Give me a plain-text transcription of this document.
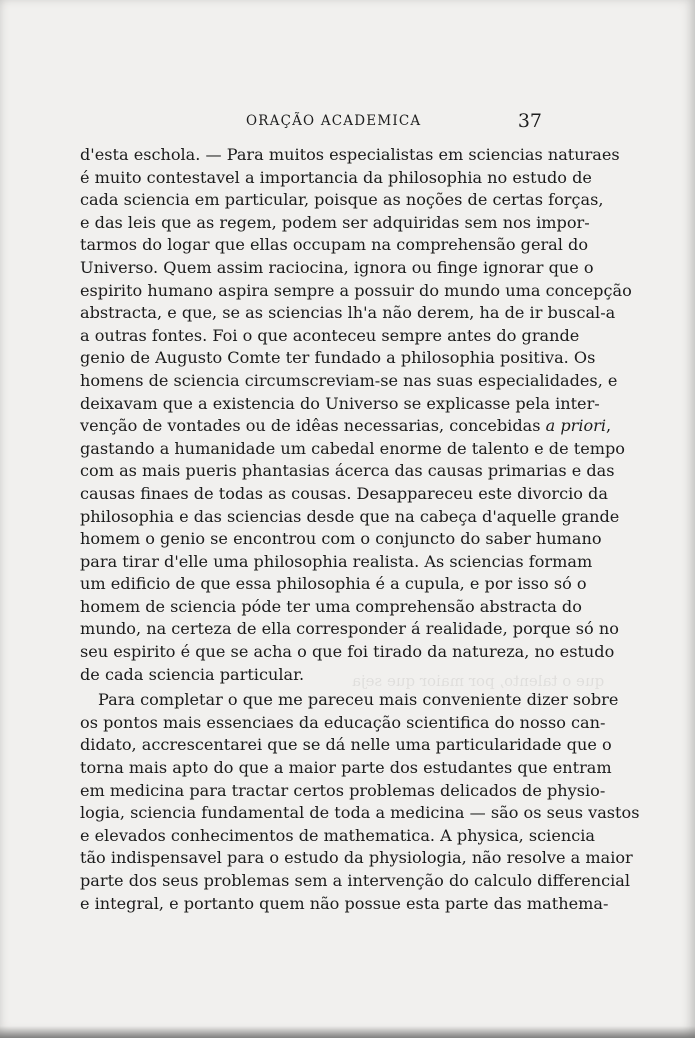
ORAÇÃO ACADEMICA	37
que o talento, por maior que seja
d'esta eschola. — Para muitos especialistas em sciencias naturaes
é muito contestavel a importancia da philosophia no estudo de
cada sciencia em particular, poisque as noções de certas forças,
e das leis que as regem, podem ser adquiridas sem nos impor-
tarmos do logar que ellas occupam na comprehensão geral do
Universo. Quem assim raciocina, ignora ou finge ignorar que o
espirito humano aspira sempre a possuir do mundo uma concepção
abstracta, e que, se as sciencias lh'a não derem, ha de ir buscal-a
a outras fontes. Foi o que aconteceu sempre antes do grande
genio de Augusto Comte ter fundado a philosophia positiva. Os
homens de sciencia circumscreviam-se nas suas especialidades, e
deixavam que a existencia do Universo se explicasse pela inter-
venção de vontades ou de idêas necessarias, concebidas a priori,
gastando a humanidade um cabedal enorme de talento e de tempo
com as mais pueris phantasias ácerca das causas primarias e das
causas finaes de todas as cousas. Desappareceu este divorcio da
philosophia e das sciencias desde que na cabeça d'aquelle grande
homem o genio se encontrou com o conjuncto do saber humano
para tirar d'elle uma philosophia realista. As sciencias formam
um edificio de que essa philosophia é a cupula, e por isso só o
homem de sciencia póde ter uma comprehensão abstracta do
mundo, na certeza de ella corresponder á realidade, porque só no
seu espirito é que se acha o que foi tirado da natureza, no estudo
de cada sciencia particular.
Para completar o que me pareceu mais conveniente dizer sobre
os pontos mais essenciaes da educação scientifica do nosso can-
didato, accrescentarei que se dá nelle uma particularidade que o
torna mais apto do que a maior parte dos estudantes que entram
em medicina para tractar certos problemas delicados de physio-
logia, sciencia fundamental de toda a medicina — são os seus vastos
e elevados conhecimentos de mathematica. A physica, sciencia
tão indispensavel para o estudo da physiologia, não resolve a maior
parte dos seus problemas sem a intervenção do calculo differencial
e integral, e portanto quem não possue esta parte das mathema-
